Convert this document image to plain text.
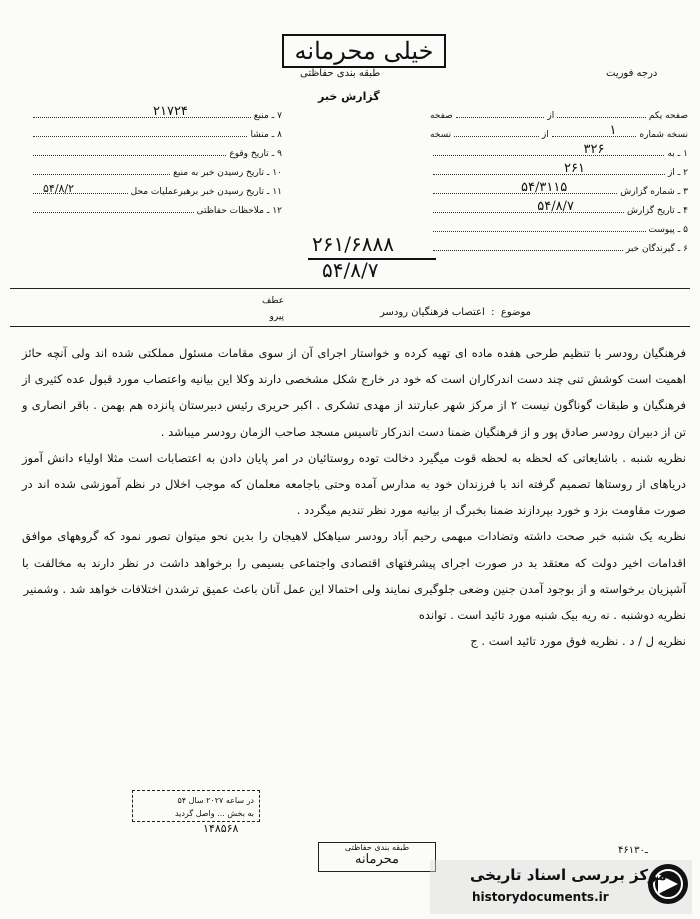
خیلی محرمانه
طبقه بندی حفاظتی	درجه فوریت
گزارش خبر
صفحه یکم
از
صفحه
نسخه شماره
۱
از
نسخه
۱ ـ به
۳۲۶
۲ ـ از
۲۶۱
۳ ـ شماره گزارش
۵۴/۳۱۱۵
۴ ـ تاریخ گزارش
۵۴/۸/۷
۵ ـ پیوست
۶ ـ گیرندگان خبر
۷ ـ منبع
۲۱۷۲۴
۸ ـ منشا
۹ ـ تاریخ وقوع
۱۰ ـ تاریخ رسیدن خبر به منبع
۱۱ ـ تاریخ رسیدن خبر برهبرعملیات محل
۵۴/۸/۲
۱۲ ـ ملاحظات حفاظتی
۲۶۱/۶۸۸۸
۵۴/۸/۷
عطف
پیرو	موضوع  :  اعتصاب فرهنگیان رودسر

فرهنگیان رودسر با تنظیم طرحی هفده ماده ای تهیه کرده و خواستار اجرای آن از سوی مقامات مسئول مملکتی شده اند ولی آنچه حائز اهمیت است کوشش تنی چند دست اندرکاران است که خود در خارج شکل مشخصی دارند وکلا این بیانیه واعتصاب مورد قبول عده کثیری از فرهنگیان و طبقات گوناگون نیست ۲ از مرکز شهر عبارتند از مهدی تشکری . اکبر حریری رئیس دبیرستان پانزده هم بهمن . باقر انصاری و تن از دبیران رودسر صادق پور و از فرهنگیان ضمنا دست اندرکار تاسیس مسجد صاحب الزمان رودسر میباشد .

نظریه شنبه . باشایعاتی که لحظه به لحظه قوت میگیرد دخالت توده روستائیان در امر پایان دادن به اعتصابات است مثلا اولیاء دانش آموز دریاهای از روستاها تصمیم گرفته اند با فرزندان خود به مدارس آمده وحتی باجامعه معلمان که موجب اخلال در نظم آموزشی شده اند در صورت مقاومت بزد و خورد بپردازند ضمنا بخبرگ از بیانیه مورد نظر تندیم میگردد .

نظریه یک شنبه خبر صحت داشته وتضادات مبهمی رحیم آباد رودسر سیاهکل لاهیجان را بدین نحو میتوان تصور نمود که گروههای موافق اقدامات اخیر دولت که معتقد بد در صورت اجرای پیشرفتهای اقتصادی واجتماعی بسیمی را برخواهد داشت در نظر دارند به مخالفت با آشپزیان برخواسته و از بوجود آمدن جنین وضعی جلوگیری نمایند ولی احتمالا این عمل آنان باعث عمیق ترشدن اختلافات خواهد شد . وشمنیر

نظریه دوشنبه . نه ریه بیک شنبه مورد تائید است . توانده

نظریه ل / د . نظریه فوق مورد تائید است . ج

در ساعه ۲۰۲۷ سال ۵۴
به بخش ... واصل گردید
۱۴۸۵۶۸
طبقه بندی حفاظتی
محرمانه
۴۶ـ۱۳۰
مرکز بررسی اسناد تاریخی
historydocuments.ir
